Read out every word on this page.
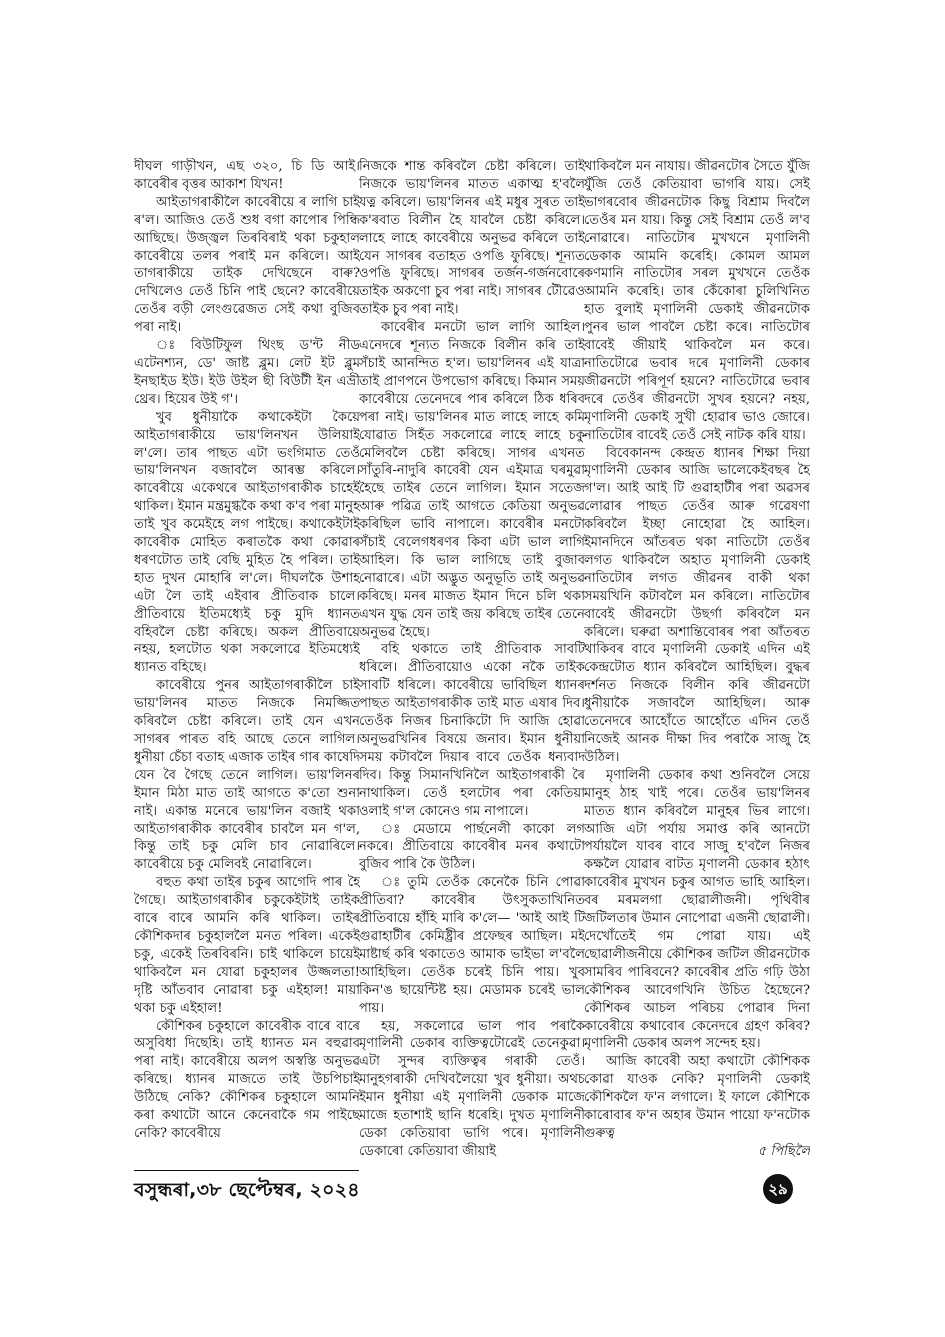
দীঘল গাড়ীখন, এছ ৩২০, চি ডি আই। কাবেৰীৰ বৃত্তৰ আকাশ যিখন!

আইতাগৰাকীলৈ কাবেৰীয়ে ৰ লাগি চাই ৰ'ল। আজিও তেওঁ শুধ বগা কাপোৰ পিন্ধি আছিছে। উজ্জ্বল তিৰবিৰাই থকা চকুহাল কাবেৰীয়ে তলৰ পৰাই মন কৰিলে। আই তাগৰাকীয়ে তাইক দেখিছেনে বাৰু? দেখিলেও তেওঁ চিনি পাই ছেনে? কাবেৰীয়ে তেওঁৰ বড়ী লেংগুৱেজত সেই কথা বুজিব পৰা নাই।

ঃ বিউটিফুল থিংছ ড'ন্ট নীড এটেনশ্যন, ডে' জাষ্ট ব্লুম। লেট ইট ব্লুম ইনছাইড ইউ। ইউ উইল ছী বিউটী ইন এভ্ৰী থ্ৰেৰ। হিয়েৰ উই গ'।

খুব ধুনীয়াকৈ কথাকেইটা কৈয়ে আইতাগৰাকীয়ে ভায়'লিনখন উলিয়াই ল'লে। তাৰ পাছত এটা ভংগিমাত তেওঁ ভায়'লিনখন বজাবলৈ আৰম্ভ কৰিলে। কাবেৰীয়ে একেথৰে আইতাগৰাকীক চাহেই থাকিল। ইমান মন্ত্ৰমুগ্ধকৈ কথা ক'ব পৰা মানুহ তাই খুব কমেইহে লগ পাইছে। কথাকেইটাই কাবেৰীক মোহিত কৰাতকৈ কথা কোৱাৰ ধৰণটোত তাই বেছি মুহিত হৈ পৰিল। তাই হাত দুখন মোহাৰি ল'লে। দীঘলকৈ উশাহ এটা লৈ তাই এইবাৰ প্ৰীতিবাক চালে। প্ৰীতিবায়ে ইতিমধ্যেই চকু মুদি ধ্যানত বহিবলৈ চেষ্টা কৰিছে। অকল প্ৰীতিবায়ে নহয়, হলটোত থকা সকলোৱে ইতিমধ্যেই ধ্যানত বহিছে।

কাবেৰীয়ে পুনৰ আইতাগৰাকীলৈ চাই ভায়'লিনৰ মাতত নিজকে নিমজ্জিত কৰিবলৈ চেষ্টা কৰিলে। তাই যেন এখন সাগৰৰ পাৰত বহি আছে তেনে লাগিল। ধুনীয়া চেঁচা বতাহ এজাক তাইৰ গাৰ কাষেদি যেন বৈ গৈছে তেনে লাগিল। ভায়'লিনৰ ইমান মিঠা মাত তাই আগতে ক'তো শুনা নাই। একান্ত মনেৰে ভায়'লিন বজাই থকা আইতাগৰাকীক কাবেৰীৰ চাবলৈ মন গ'ল, কিন্তু তাই চকু মেলি চাব নোৱাৰিলে। কাবেৰীয়ে চকু মেলিবই নোৱাৰিলে।

বহুত কথা তাইৰ চকুৰ আগেদি পাৰ হৈ গৈছে। আইতাগৰাকীৰ চকুকেইটাই তাইক বাৰে বাৰে আমনি কৰি থাকিল। তাইৰ কৌশিকদাৰ চকুহাললৈ মনত পৰিল। একেই চকু, একেই তিৰবিৰনি। চাই থাকিলে চায়েই থাকিবলৈ মন যোৱা চকুহালৰ উজ্জলতা! দৃষ্টি আঁতবাব নোৱাৰা চকু এইহাল! মায়া থকা চকু এইহাল!

কৌশিকৰ চকুহালে কাবেৰীক বাৰে বাৰে অসুবিধা দিছেহি। তাই ধ্যানত মন বহুৱাব পৰা নাই। কাবেৰীয়ে অলপ অস্বস্তি অনুভৱ কৰিছে। ধ্যানৰ মাজতে তাই উচপিচাই উঠিছে নেকি? কৌশিকৰ চকুহালে আমনি কৰা কথাটো আনে কেনেবাকৈ গম পাইছে নেকি? কাবেৰীয়ে

নিজকে শান্ত কৰিবলৈ চেষ্টা কৰিলে। তাই নিজকে ভায়'লিনৰ মাতত একাত্ম হ'বলৈ যত্ন কৰিলে। ভায়'লিনৰ এই মধুৰ সুৰত তাই ক'ৰবাত বিলীন হৈ যাবলৈ চেষ্টা কৰিলে। লাহে লাহে কাবেৰীয়ে অনুভৱ কৰিলে তাই যেন সাগৰৰ বতাহত ওপঙি ফুৰিছে। শূন্যত ওপঙি ফুৰিছে। সাগৰৰ তৰ্জন-গৰ্জনবোৰে তাইক অকণো চুব পৰা নাই। সাগৰৰ টৌৱেও তাইক চুব পৰা নাই।

কাবেৰীৰ মনটো ভাল লাগি আহিল। এনেদৰে শূন্যত নিজকে বিলীন কৰি তাই সঁচাই আনন্দিত হ'ল। ভায়'লিনৰ এই যাত্ৰা তাই প্ৰাণপনে উপভোগ কৰিছে। কিমান সময় কাবেৰীয়ে তেনেদৰে পাৰ কৰিলে ঠিক ধৰিব পৰা নাই। ভায়'লিনৰ মাত লাহে লাহে কমি যোৱাত সিহঁত সকলোৱে লাহে লাহে চকু মেলিবলৈ চেষ্টা কৰিছে। সাগৰ এখনত সাঁতুৰি-নাদুৰি কাবেৰী যেন এইমাত্ৰ ঘৰমুৱা হৈছে তাইৰ তেনে লাগিল। ইমান সতেজ আৰু পৱিত্ৰ তাই আগতে কেতিয়া অনুভৱ কৰিছিল ভাবি নাপালে। কাবেৰীৰ মনটো সঁচাই বেলেগধৰণৰ কিবা এটা ভাল লাগি আহিল। কি ভাল লাগিছে তাই বুজাব নোৱাৰে। এটা অদ্ভুত অনুভূতি তাই অনুভৱ কৰিছে। মনৰ মাজত ইমান দিনে চলি থকা এখন যুদ্ধ যেন তাই জয় কৰিছে তাইৰ তেনে অনুভৱ হৈছে।

বহি থকাতে তাই প্ৰীতিবাক সাবটি ধৰিলে। প্ৰীতিবায়োও একো নকৈ তাইক সাবটি ধৰিলে। কাবেৰীয়ে ভাবিছিল ধ্যানৰ পাছত আইতাগৰাকীক তাই মাত এষাৰ দিব। তেওঁক নিজৰ চিনাকিটো দি আজি হোৱা অনুভৱখিনিৰ বিষয়ে জনাব। ইমান ধুনীয়া সময় কটাবলৈ দিয়াৰ বাবে তেওঁক ধন্যবাদ দিব। কিন্তু সিমানখিনিলৈ আইতাগৰাকী ৰৈ নাথাকিল। তেওঁ হলটোৰ পৰা কেতিয়া ওলাই গ'ল কোনেও গম নাপালে।

ঃ মেডামে পাৰ্ছনেলী কাকো লগ নকৰে। প্ৰীতিবায়ে কাবেৰীৰ মনৰ কথাটো বুজিব পাৰি কৈ উঠিল।

ঃ তুমি তেওঁক কেনেকৈ চিনি পোৱা প্ৰীতিবা? কাবেৰীৰ উৎসুকতাখিনিত প্ৰীতিবায়ে হাঁহি মাৰি ক'লে— 'আই আই টি গুৱাহাটীৰ কেমিষ্ট্ৰীৰ প্ৰফেছৰ আছিল। মই মাষ্টাৰ্ছ কৰি থকাতেও আমাক ভাইভা ল'বলৈ আহিছিল। তেওঁক চৰেই চিনি পায়। খুব কিন'ঙ ছায়েন্টিষ্ট হয়। মেডামক চৰেই ভাল পায়।

হয়, সকলোৱে ভাল পাব পৰাকৈ মৃণালিনী ডেকাৰ ব্যক্তিত্বটোৱেই তেনেকুৱা। এটা সুন্দৰ ব্যক্তিত্বৰ গৰাকী তেওঁ। মানুহগৰাকী দেখিবলৈয়ো খুব ধুনীয়া। অথচ ইমান ধুনীয়া এই মৃণালিনী ডেকাক মাজে মাজে হতাশাই ছানি ধৰেহি। দুখত মৃণালিনী ডেকা কেতিয়াবা ভাগি পৰে। মৃণালিনী ডেকাৰো কেতিয়াবা জীয়াই

থাকিবলৈ মন নাযায়। জীৱনটোৰ সৈতে যুঁজি যুঁজি তেওঁ কেতিয়াবা ভাগৰি যায়। সেই ভাগৰবোৰ জীৱনটোক কিছু বিশ্ৰাম দিবলৈ তেওঁৰ মন যায়। কিন্তু সেই বিশ্ৰাম তেওঁ ল'ব নোৱাৰে। নাতিটোৰ মুখখনে মৃণালিনী ডেকাক আমনি কৰেহি। কোমল আমল কণমানি নাতিটোৰ সৰল মুখখনে তেওঁক আমনি কৰেহি। তাৰ কেঁকোৰা চুলিখিনিত হাত বুলাই মৃণালিনী ডেকাই জীৱনটোক পুনৰ ভাল পাবলৈ চেষ্টা কৰে। নাতিটোৰ বাবেই জীয়াই থাকিবলৈ মন কৰে। নাতিটোৱে ভবাৰ দৰে মৃণালিনী ডেকাৰ জীৱনটো পৰিপূৰ্ণ হয়নে? নাতিটোৱে ভবাৰ দৰে তেওঁৰ জীৱনটো সুখৰ হয়নে? নহয়, মৃণালিনী ডেকাই সুখী হোৱাৰ ভাও জোৰে। নাতিটোৰ বাবেই তেওঁ সেই নাটক কৰি যায়।

বিবেকানন্দ কেন্দ্ৰত ধ্যানৰ শিক্ষা দিয়া মৃণালিনী ডেকাৰ আজি ভালেকেইবছৰ হৈ গ'ল। আই আই টি গুৱাহাটীৰ পৰা অৱসৰ লোৱাৰ পাছত তেওঁৰ আৰু গৱেষণা কৰিবলৈ ইচ্ছা নোহোৱা হৈ আহিল। ইমানদিনে আঁতৰত থকা নাতিটো তেওঁৰ লগত থাকিবলৈ অহাত মৃণালিনী ডেকাই নাতিটোৰ লগত জীৱনৰ বাকী থকা সময়খিনি কটাবলৈ মন কৰিলে। নাতিটোৰ বাবেই জীৱনটো উছৰ্গা কৰিবলৈ মন কৰিলে। ঘৰুৱা অশান্তিবোৰৰ পৰা আঁতৰত থাকিবৰ বাবে মৃণালিনী ডেকাই এদিন এই কেন্দ্ৰটোত ধ্যান কৰিবলৈ আহিছিল। বুদ্ধৰ দৰ্শনত নিজকে বিলীন কৰি জীৱনটো ধুনীয়াকৈ সজাবলৈ আহিছিল। আৰু তেনেদৰে আহোঁতে আহোঁতে এদিন তেওঁ নিজেই আনক দীক্ষা দিব পৰাকৈ সাজু হৈ উঠিল।

মৃণালিনী ডেকাৰ কথা শুনিবলৈ সেয়ে মানুহ ঠাহ খাই পৰে। তেওঁৰ ভায়'লিনৰ মাতত ধ্যান কৰিবলৈ মানুহৰ ভিৰ লাগে। আজি এটা পৰ্যায় সমাপ্ত কৰি আনটো পৰ্যায়লৈ যাবৰ বাবে সাজু হ'বলৈ নিজৰ কক্ষলৈ যোৱাৰ বাটত মৃণালনী ডেকাৰ হঠাৎ কাবেৰীৰ মুখখন চকুৰ আগত ভাহি আহিল। বৰ মৰমলগা ছোৱালীজনী। পৃথিবীৰ জটিলতাৰ উমান নোপোৱা এজনী ছোৱালী। দেখোঁতেই গম পোৱা যায়। এই ছোৱালীজনীয়ে কৌশিকৰ জটিল জীৱনটোক সামৰিব পাৰিবনে? কাবেৰীৰ প্ৰতি গঢ়ি উঠা কৌশিকৰ আবেগখিনি উচিত হৈছেনে? কৌশিকৰ আচল পৰিচয় পোৱাৰ দিনা কাবেৰীয়ে কথাবোৰ কেনেদৰে গ্ৰহণ কৰিব? মৃণালিনী ডেকাৰ অলপ সন্দেহ হয়।

আজি কাবেৰী অহা কথাটো কৌশিকক কোৱা যাওক নেকি? মৃণালিনী ডেকাই কৌশিকলৈ ফ'ন লগালে। ই ফালে কৌশিকে কাৰোবাৰ ফ'ন অহাৰ উমান পায়ো ফ'নটোক গুৰুত্ব

৫ পিছিলৈ

বসুন্ধৰা,৩৮ ছেপ্টেম্বৰ, ২০২৪	২৯
